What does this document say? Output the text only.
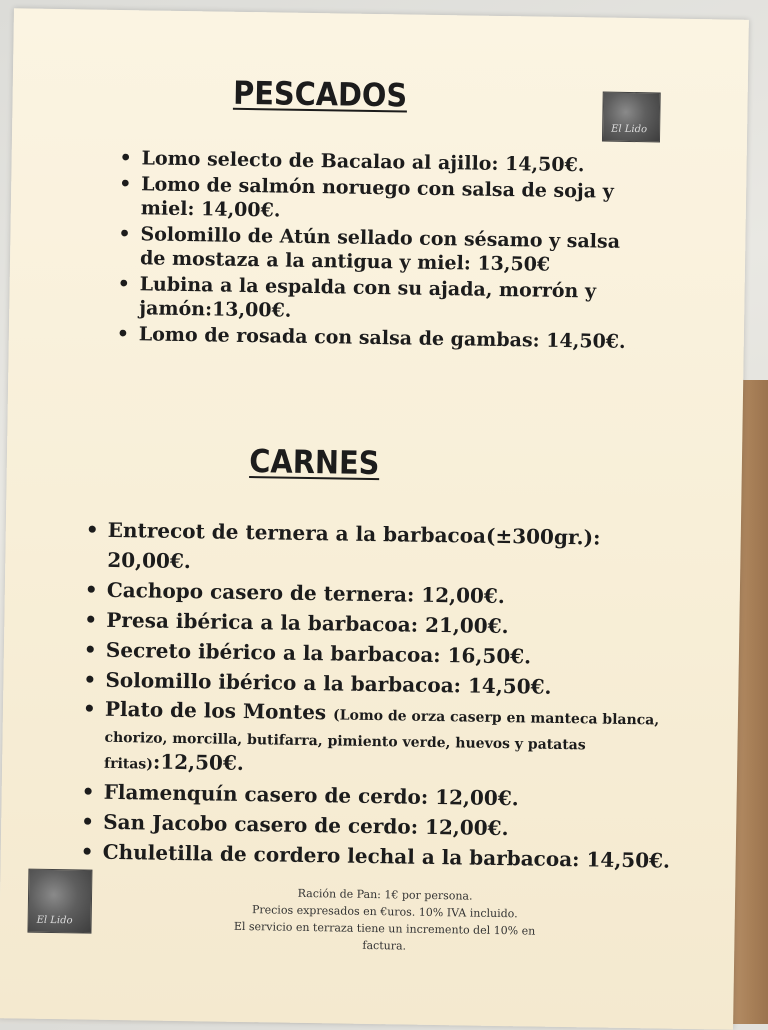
El Lido
PESCADOS
• Lomo selecto de Bacalao al ajillo: 14,50€.
• Lomo de salmón noruego con salsa de soja y miel: 14,00€.
• Solomillo de Atún sellado con sésamo y salsa de mostaza a la antigua y miel: 13,50€
• Lubina a la espalda con su ajada, morrón y jamón:13,00€.
• Lomo de rosada con salsa de gambas: 14,50€.
CARNES
• Entrecot de ternera a la barbacoa(±300gr.): 20,00€.
• Cachopo casero de ternera: 12,00€.
• Presa ibérica a la barbacoa: 21,00€.
• Secreto ibérico a la barbacoa: 16,50€.
• Solomillo ibérico a la barbacoa: 14,50€.
• Plato de los Montes (Lomo de orza caserp en manteca blanca, chorizo, morcilla, butifarra, pimiento verde, huevos y patatas fritas):12,50€.
• Flamenquín casero de cerdo: 12,00€.
• San Jacobo casero de cerdo: 12,00€.
• Chuletilla de cordero lechal a la barbacoa: 14,50€.
El Lido
Ración de Pan: 1€ por persona.
Precios expresados en €uros. 10% IVA incluido.
El servicio en terraza tiene un incremento del 10% en factura.
